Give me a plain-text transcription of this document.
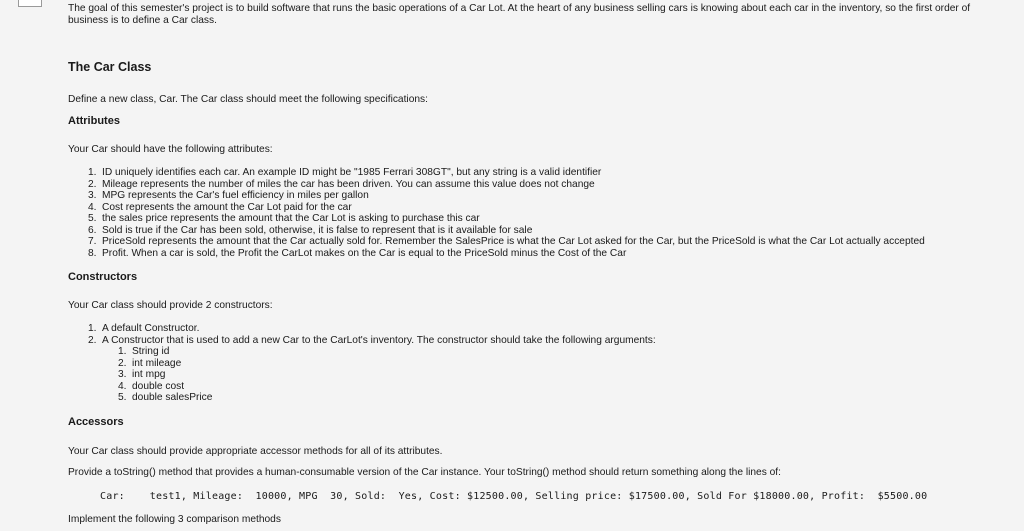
The goal of this semester's project is to build software that runs the basic operations of a Car Lot. At the heart of any business selling cars is knowing about each car in the inventory, so the first order of business is to define a Car class.
The Car Class
Define a new class, Car. The Car class should meet the following specifications:
Attributes
Your Car should have the following attributes:
1. ID uniquely identifies each car. An example ID might be "1985 Ferrari 308GT", but any string is a valid identifier
2. Mileage represents the number of miles the car has been driven. You can assume this value does not change
3. MPG represents the Car's fuel efficiency in miles per gallon
4. Cost represents the amount the Car Lot paid for the car
5. the sales price represents the amount that the Car Lot is asking to purchase this car
6. Sold is true if the Car has been sold, otherwise, it is false to represent that is it available for sale
7. PriceSold represents the amount that the Car actually sold for. Remember the SalesPrice is what the Car Lot asked for the Car, but the PriceSold is what the Car Lot actually accepted
8. Profit. When a car is sold, the Profit the CarLot makes on the Car is equal to the PriceSold minus the Cost of the Car
Constructors
Your Car class should provide 2 constructors:
1. A default Constructor.
2. A Constructor that is used to add a new Car to the CarLot's inventory. The constructor should take the following arguments:
1. String id
2. int mileage
3. int mpg
4. double cost
5. double salesPrice
Accessors
Your Car class should provide appropriate accessor methods for all of its attributes.
Provide a toString() method that provides a human-consumable version of the Car instance. Your toString() method should return something along the lines of:
Car:    test1, Mileage:  10000, MPG  30, Sold:  Yes, Cost: $12500.00, Selling price: $17500.00, Sold For $18000.00, Profit:  $5500.00
Implement the following 3 comparison methods
